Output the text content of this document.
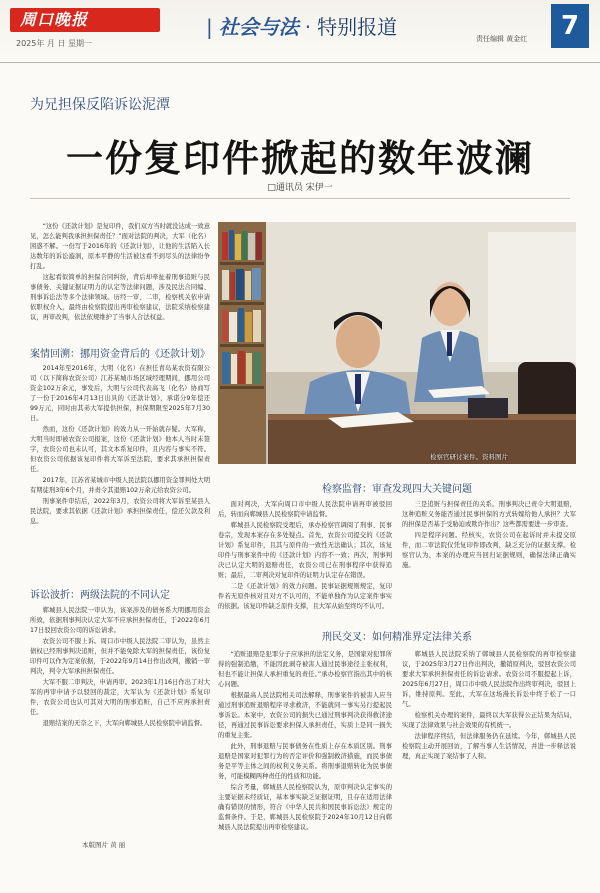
周口晚报
2025年 月 日 星期一
| 社会与法 · 特别报道	责任编辑 黄金红	7
为兄担保反陷诉讼泥潭
一份复印件掀起的数年波澜
□通讯员 宋伊一

“这份《还款计划》是复印件，我们双方当时就没达成一致意见，怎么能判我承担担保责任？”面对法院的判决，大军（化名）困惑不解。一份写于2016年的《还款计划》，让他的生活陷入长达数年的诉讼漩涡，原本平静的生活被这看不到尽头的法律纷争打乱。

这起看似简单的担保合同纠纷，背后却牵扯着刑事追赃与民事债务、关键证据证明力的认定等法律问题，涉及民法合同编、刑事诉讼法等多个法律领域。历经一审、二审，检察机关依申请依职权介入，最终由检察院提出再审检察建议，法院采纳检察建议，再审改判，依法依规维护了当事人合法权益。

案情回溯：挪用资金背后的《还款计划》

2014年至2016年，大明（化名）在担任青岛某农资有限公司（以下简称农资公司）江苏某城市场区域经理期间，挪用公司资金102万余元，事发后，大明与公司代表高飞（化名）协商写了一份于2016年4月13日出具的《还款计划》，承诺分9年偿还99万元，同时由其弟大军提供担保，担保期限至2025年7月30日。

然而，这份《还款计划》的效力从一开始就存疑。大军称，大明当时即被农资公司报案，这份《还款计划》他本人当时未签字，农资公司也未认可，其文本系复印件，且内容与事实不符。但农资公司依据该复印件将大军诉至法院，要求其承担担保责任。

2017年，江苏省某城市中级人民法院以挪用资金罪判处大明有期徒刑3年6个月，并责令其退赔102万余元给农资公司。

刑事案件审结后，2022年3月，农资公司将大军诉至某县人民法院，要求其依据《还款计划》承担担保责任，偿还欠款及利息。

诉讼波折：两级法院的不同认定

郸城县人民法院一审认为，该案涉及的债务系大明挪用资金所致，依据刑事判决认定大军不应承担担保责任，于2022年6月17日驳回农资公司的诉讼请求。

农资公司不服上诉。周口市中级人民法院二审认为，虽然主债权已经刑事判决追赃，但并不能免除大军的担保责任，该份复印件可以作为定案依据，于2022年9月14日作出改判，撤销一审判决，判令大军承担担保责任。

大军不服二审判决，申请再审。2023年1月16日作出了对大军的再审申请予以驳回的裁定，大军认为《还款计划》系复印件，农资公司也认可其对大明的刑事追赃，自己不应再承担责任。

退赔结案的无奈之下，大军向郸城县人民检察院申请监督。

本版图片 黄 丽
检察官研讨案件。资料图片
检察监督：审查发现四大关键问题

面对判决，大军向周口市中级人民法院申请再审被驳回后，转而向郸城县人民检察院申请监督。

郸城县人民检察院受理后，承办检察官调阅了刑事、民事卷宗，发现本案存在多处疑点。首先，农资公司提交的《还款计划》系复印件，且其与原件的一致性无法确认；其次，该复印件与刑事案件中的《还款计划》内容不一致；再次，刑事判决已认定大明的退赔责任，农资公司已在刑事程序中获得追赃；最后，二审判决对复印件的证明力认定存在错误。

二是《还款计划》的效力问题。民事证据规则规定，复印件若无原件核对且对方不认可的，不能单独作为认定案件事实的依据。该复印件缺乏原件支撑，且大军从始至终均不认可。

三是追赃与担保责任的关系。刑事判决已责令大明退赔，这种追赃义务能否通过民事担保的方式转嫁给他人承担？大军的担保是否基于受胁迫或欺诈作出？这些都需要进一步审查。

四是程序问题。经核实，农资公司在起诉时并未提交原件，而二审法院仅凭复印件即改判，缺乏充分的证据支撑。检察官认为，本案的办理应当回归证据规则，确保法律正确实施。

刑民交叉：如何精准界定法律关系

“追赃退赔是犯罪分子应承担的法定义务，是国家对犯罪所得的强制追缴，不能因此剥夺被害人通过民事途径主张权利，但也不能让担保人承担重复的责任。”承办检察官指出其中的核心问题。

根据最高人民法院相关司法解释，刑事案件的被害人应当通过刑事追赃退赔程序寻求救济，不能就同一事实另行提起民事诉讼。本案中，农资公司的损失已通过刑事判决获得救济途径，再通过民事诉讼要求担保人承担责任，实质上是同一损失的重复主张。

此外，刑事退赔与民事债务在性质上存在本质区别。刑事退赔是国家对犯罪行为的否定评价和强制救济措施，而民事债务是平等主体之间的权利义务关系。将刑事退赔转化为民事债务，可能模糊两种责任的性质和功能。

综合考量，郸城县人民检察院认为，原审判决认定事实的主要证据未经质证，基本事实缺乏证据证明，且存在适用法律确有错误的情形，符合《中华人民共和国民事诉讼法》规定的监督条件。于是，郸城县人民检察院于2024年10月12日向郸城县人民法院提出再审检察建议。

郸城县人民法院采纳了郸城县人民检察院的再审检察建议，于2025年3月27日作出判决，撤销原判决，驳回农资公司要求大军承担担保责任的诉讼请求。农资公司不服提起上诉，2025年6月27日，周口市中级人民法院作出终审判决，驳回上诉，维持原判。至此，大军在这场漫长诉讼中终于松了一口气。

检察机关办理的案件，最终以大军获得公正结果为结局，实现了法律效果与社会效果的有机统一。

法律程序终结，但法律服务仍在延续。今年，郸城县人民检察院主动开展回访，了解当事人生活情况，并进一步释法说理，真正实现了案结事了人和。
